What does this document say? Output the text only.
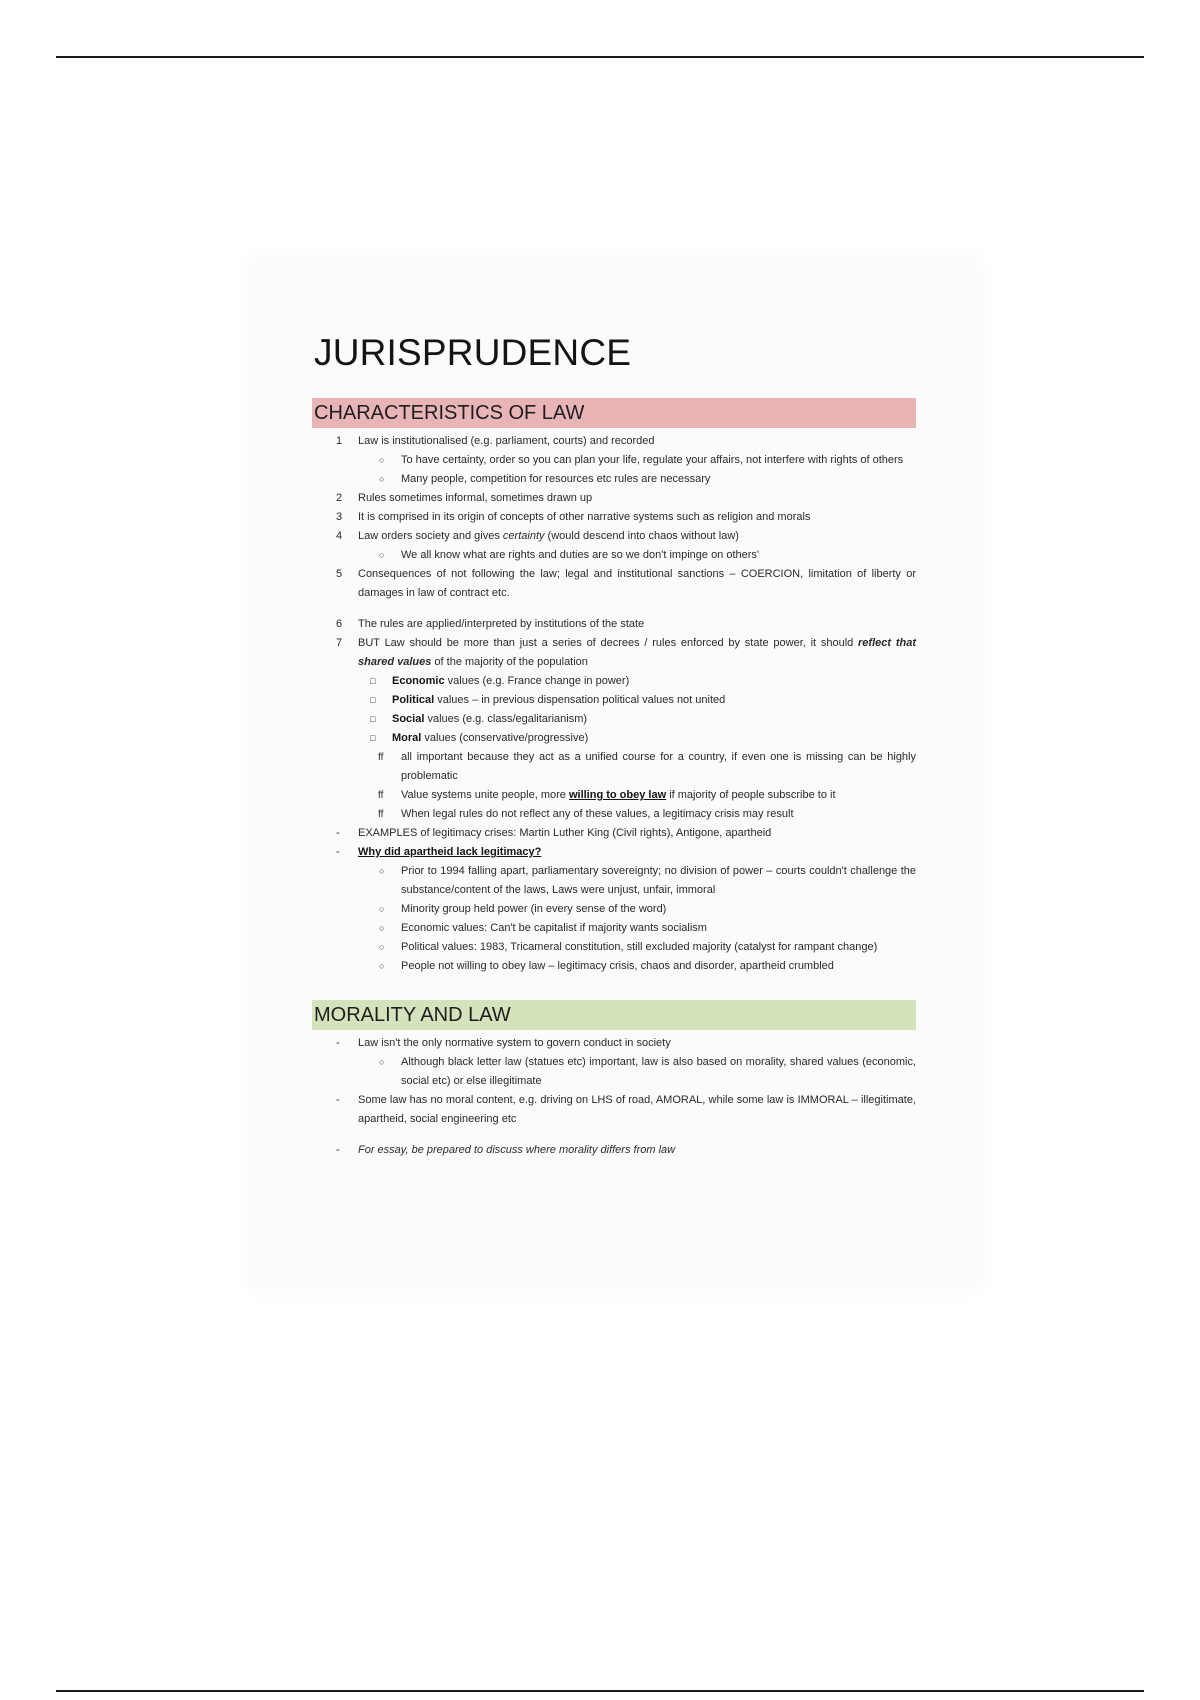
JURISPRUDENCE
CHARACTERISTICS OF LAW
1 Law is institutionalised (e.g. parliament, courts) and recorded
○ To have certainty, order so you can plan your life, regulate your affairs, not interfere with rights of others
○ Many people, competition for resources etc rules are necessary
2 Rules sometimes informal, sometimes drawn up
3 It is comprised in its origin of concepts of other narrative systems such as religion and morals
4 Law orders society and gives certainty (would descend into chaos without law)
○ We all know what are rights and duties are so we don't impinge on others'
5 Consequences of not following the law; legal and institutional sanctions – COERCION, limitation of liberty or damages in law of contract etc.
6 The rules are applied/interpreted by institutions of the state
7 BUT Law should be more than just a series of decrees / rules enforced by state power, it should reflect that shared values of the majority of the population
□ Economic values (e.g. France change in power)
□ Political values – in previous dispensation political values not united
□ Social values (e.g. class/egalitarianism)
□ Moral values (conservative/progressive)
ff all important because they act as a unified course for a country, if even one is missing can be highly problematic
ff Value systems unite people, more willing to obey law if majority of people subscribe to it
ff When legal rules do not reflect any of these values, a legitimacy crisis may result
- EXAMPLES of legitimacy crises: Martin Luther King (Civil rights), Antigone, apartheid
- Why did apartheid lack legitimacy?
○ Prior to 1994 falling apart, parliamentary sovereignty; no division of power – courts couldn't challenge the substance/content of the laws, Laws were unjust, unfair, immoral
○ Minority group held power (in every sense of the word)
○ Economic values: Can't be capitalist if majority wants socialism
○ Political values: 1983, Tricameral constitution, still excluded majority (catalyst for rampant change)
○ People not willing to obey law – legitimacy crisis, chaos and disorder, apartheid crumbled
MORALITY AND LAW
- Law isn't the only normative system to govern conduct in society
○ Although black letter law (statues etc) important, law is also based on morality, shared values (economic, social etc) or else illegitimate
- Some law has no moral content, e.g. driving on LHS of road, AMORAL, while some law is IMMORAL – illegitimate, apartheid, social engineering etc
- For essay, be prepared to discuss where morality differs from law
